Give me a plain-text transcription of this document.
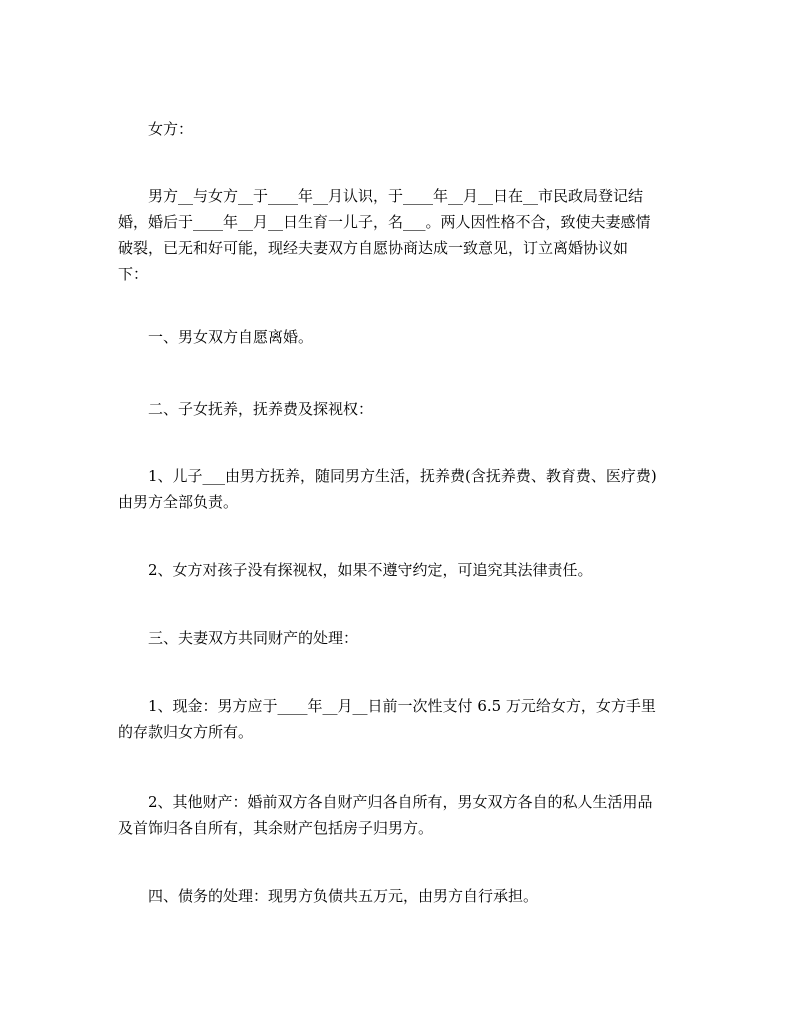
女方：
男方__与女方__于____年__月认识，于____年__月__日在__市民政局登记结
婚，婚后于____年__月__日生育一儿子，名___。两人因性格不合，致使夫妻感情
破裂，已无和好可能，现经夫妻双方自愿协商达成一致意见，订立离婚协议如
下：
一、男女双方自愿离婚。
二、子女抚养，抚养费及探视权：
1、儿子___由男方抚养，随同男方生活，抚养费(含抚养费、教育费、医疗费)
由男方全部负责。
2、女方对孩子没有探视权，如果不遵守约定，可追究其法律责任。
三、夫妻双方共同财产的处理：
1、现金：男方应于____年__月__日前一次性支付 6.5 万元给女方，女方手里
的存款归女方所有。
2、其他财产：婚前双方各自财产归各自所有，男女双方各自的私人生活用品
及首饰归各自所有，其余财产包括房子归男方。
四、债务的处理：现男方负债共五万元，由男方自行承担。
